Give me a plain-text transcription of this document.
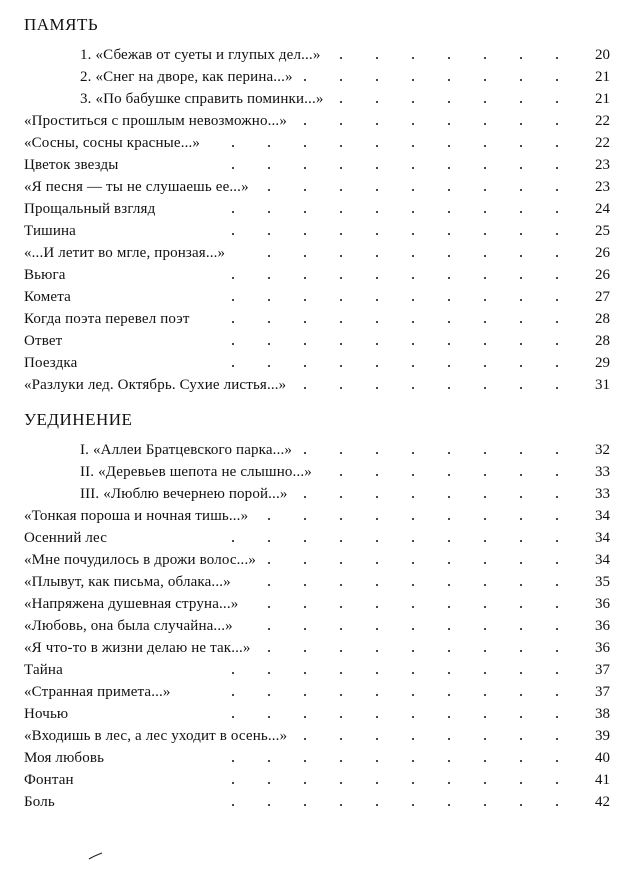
ПАМЯТЬ
1. «Сбежав от суеты и глупых дел...»	20
2. «Снег на дворе, как перина...»	21
3. «По бабушке справить поминки...»	21
«Проститься с прошлым невозможно...»	22
«Сосны, сосны красные...»	22
Цветок звезды	23
«Я песня — ты не слушаешь ее...»	23
Прощальный взгляд	24
Тишина	25
«...И летит во мгле, пронзая...»	26
Вьюга	26
Комета	27
Когда поэта перевел поэт	28
Ответ	28
Поездка	29
«Разлуки лед. Октябрь. Сухие листья...»	31
УЕДИНЕНИЕ
I. «Аллеи Братцевского парка...»	32
II. «Деревьев шепота не слышно...»	33
III. «Люблю вечернею порой...»	33
«Тонкая пороша и ночная тишь...»	34
Осенний лес	34
«Мне почудилось в дрожи волос...»	34
«Плывут, как письма, облака...»	35
«Напряжена душевная струна...»	36
«Любовь, она была случайна...»	36
«Я что-то в жизни делаю не так...»	36
Тайна	37
«Странная примета...»	37
Ночью	38
«Входишь в лес, а лес уходит в осень...»	39
Моя любовь	40
Фонтан	41
Боль	42
